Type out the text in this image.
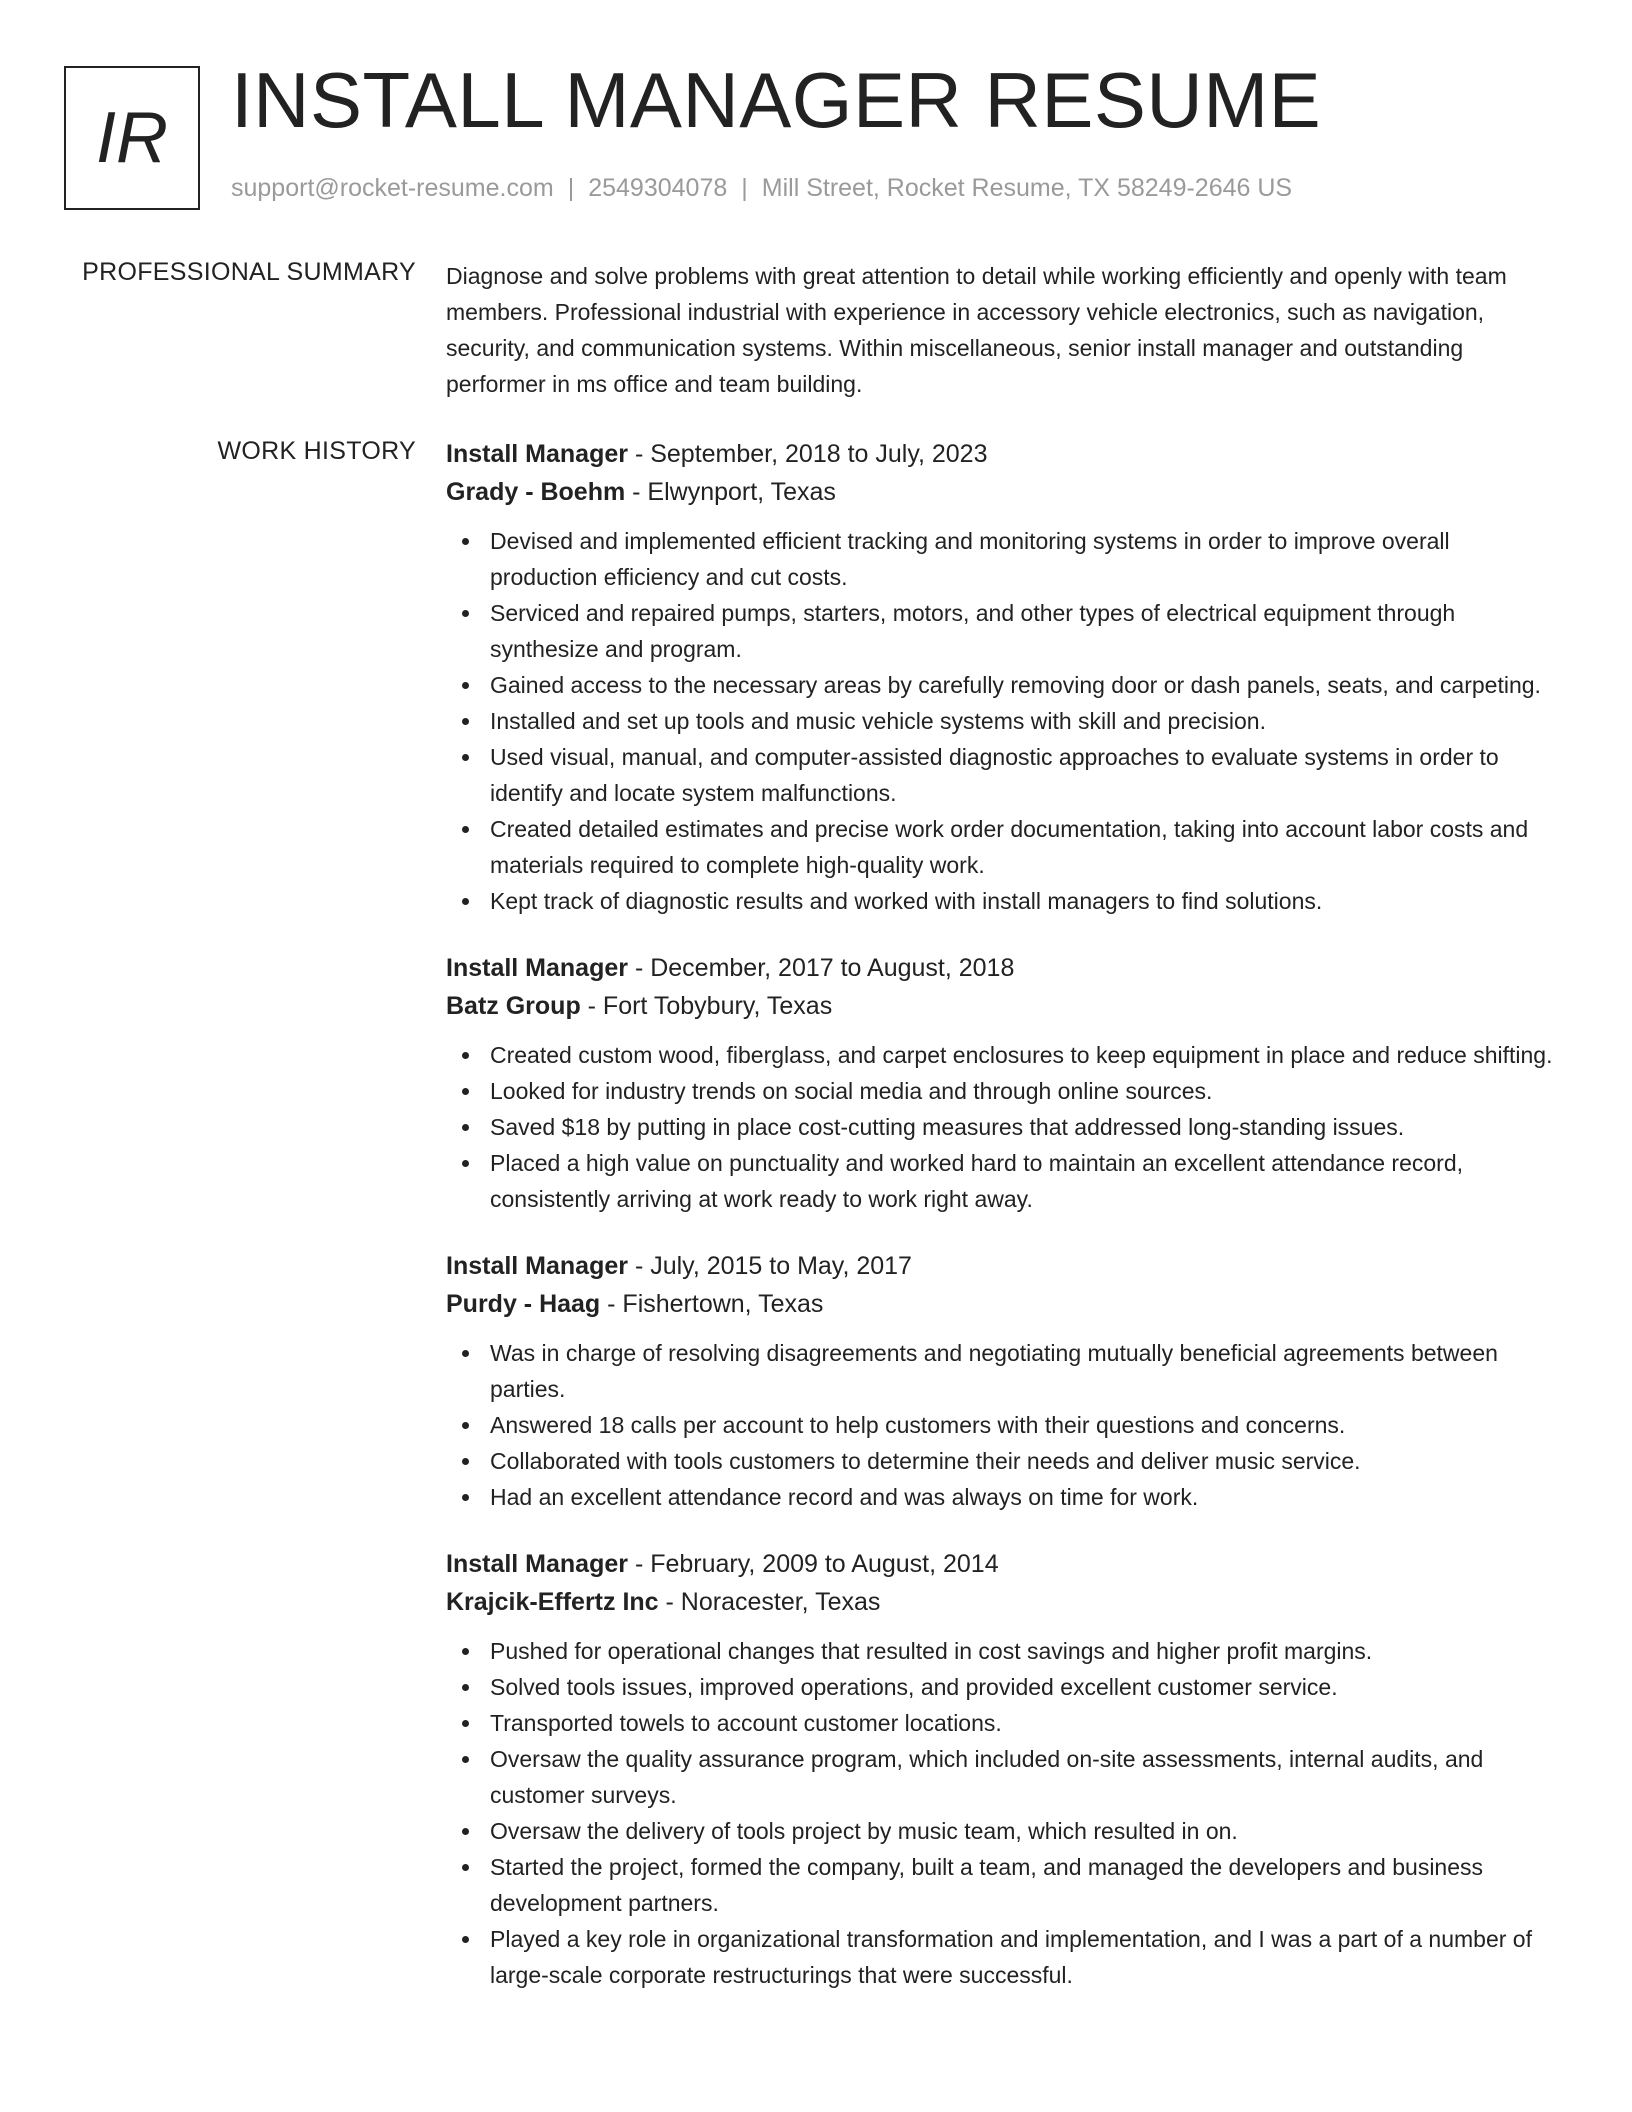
IR INSTALL MANAGER RESUME
support@rocket-resume.com | 2549304078 | Mill Street, Rocket Resume, TX 58249-2646 US
PROFESSIONAL SUMMARY Diagnose and solve problems with great attention to detail while working efficiently and openly with team members. Professional industrial with experience in accessory vehicle electronics, such as navigation, security, and communication systems. Within miscellaneous, senior install manager and outstanding performer in ms office and team building.

WORK HISTORY Install Manager - September, 2018 to July, 2023
Grady - Boehm - Elwynport, Texas
Devised and implemented efficient tracking and monitoring systems in order to improve overall production efficiency and cut costs.
Serviced and repaired pumps, starters, motors, and other types of electrical equipment through synthesize and program.
Gained access to the necessary areas by carefully removing door or dash panels, seats, and carpeting.
Installed and set up tools and music vehicle systems with skill and precision.
Used visual, manual, and computer-assisted diagnostic approaches to evaluate systems in order to identify and locate system malfunctions.
Created detailed estimates and precise work order documentation, taking into account labor costs and materials required to complete high-quality work.
Kept track of diagnostic results and worked with install managers to find solutions.
Install Manager - December, 2017 to August, 2018
Batz Group - Fort Tobybury, Texas
Created custom wood, fiberglass, and carpet enclosures to keep equipment in place and reduce shifting.
Looked for industry trends on social media and through online sources.
Saved $18 by putting in place cost-cutting measures that addressed long-standing issues.
Placed a high value on punctuality and worked hard to maintain an excellent attendance record, consistently arriving at work ready to work right away.
Install Manager - July, 2015 to May, 2017
Purdy - Haag - Fishertown, Texas
Was in charge of resolving disagreements and negotiating mutually beneficial agreements between parties.
Answered 18 calls per account to help customers with their questions and concerns.
Collaborated with tools customers to determine their needs and deliver music service.
Had an excellent attendance record and was always on time for work.
Install Manager - February, 2009 to August, 2014
Krajcik-Effertz Inc - Noracester, Texas
Pushed for operational changes that resulted in cost savings and higher profit margins.
Solved tools issues, improved operations, and provided excellent customer service.
Transported towels to account customer locations.
Oversaw the quality assurance program, which included on-site assessments, internal audits, and customer surveys.
Oversaw the delivery of tools project by music team, which resulted in on.
Started the project, formed the company, built a team, and managed the developers and business development partners.
Played a key role in organizational transformation and implementation, and I was a part of a number of large-scale corporate restructurings that were successful.
